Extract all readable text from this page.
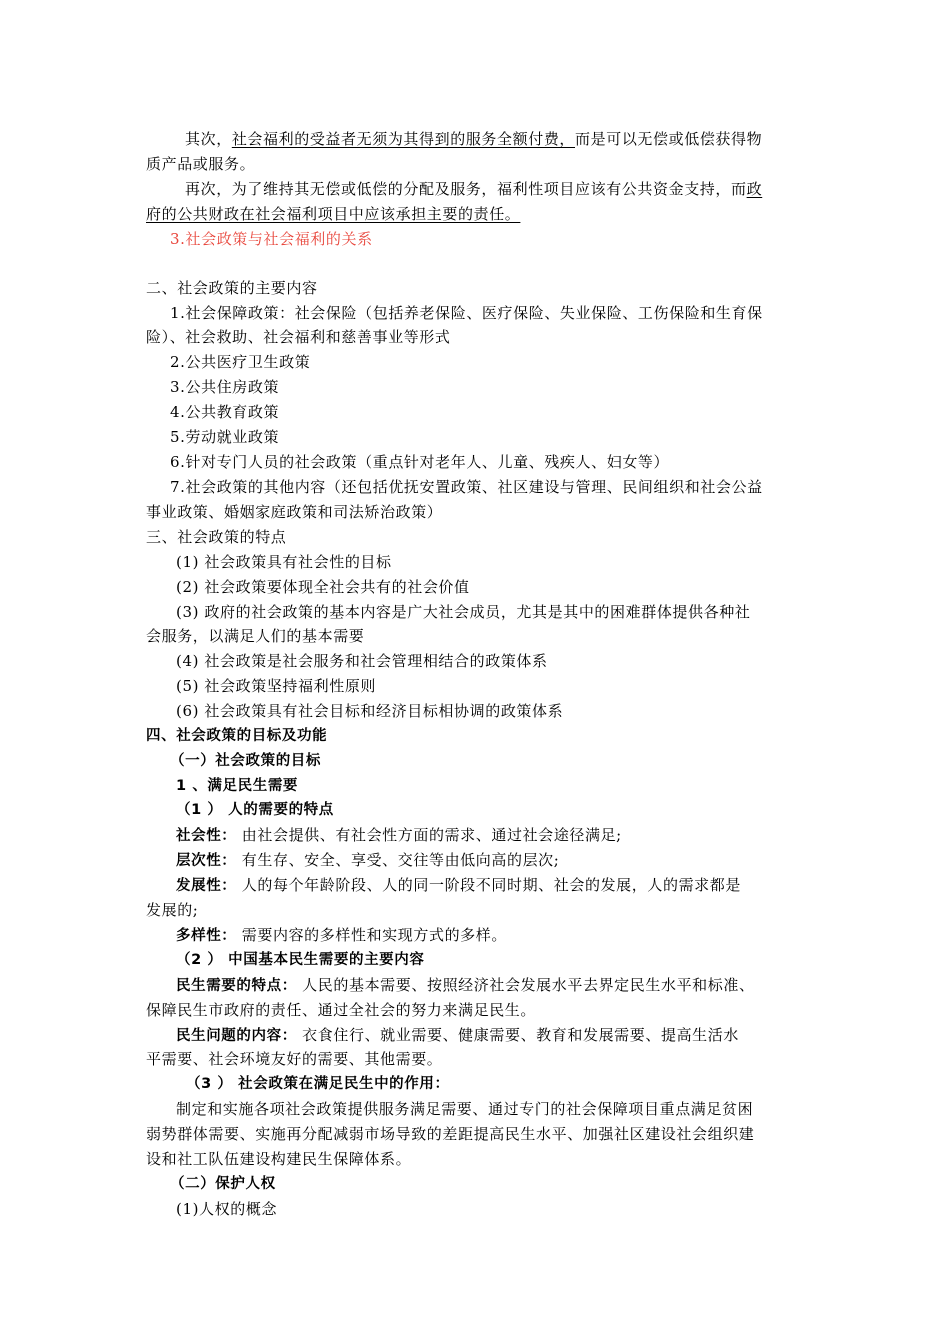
其次，社会福利的受益者无须为其得到的服务全额付费，而是可以无偿或低偿获得物
质产品或服务。
再次，为了维持其无偿或低偿的分配及服务，福利性项目应该有公共资金支持，而政
府的公共财政在社会福利项目中应该承担主要的责任。
3.社会政策与社会福利的关系
二、社会政策的主要内容
1.社会保障政策：社会保险（包括养老保险、医疗保险、失业保险、工伤保险和生育保
险）、社会救助、社会福利和慈善事业等形式
2.公共医疗卫生政策
3.公共住房政策
4.公共教育政策
5.劳动就业政策
6.针对专门人员的社会政策（重点针对老年人、儿童、残疾人、妇女等）
7.社会政策的其他内容（还包括优抚安置政策、社区建设与管理、民间组织和社会公益
事业政策、婚姻家庭政策和司法矫治政策）
三、社会政策的特点
(1) 社会政策具有社会性的目标
(2) 社会政策要体现全社会共有的社会价值
(3) 政府的社会政策的基本内容是广大社会成员，尤其是其中的困难群体提供各种社
会服务，以满足人们的基本需要
(4) 社会政策是社会服务和社会管理相结合的政策体系
(5) 社会政策坚持福利性原则
(6) 社会政策具有社会目标和经济目标相协调的政策体系
四、社会政策的目标及功能
（一）社会政策的目标
1 、满足民生需要
（1 ） 人的需要的特点
社会性： 由社会提供、有社会性方面的需求、通过社会途径满足;
层次性： 有生存、安全、享受、交往等由低向高的层次;
发展性： 人的每个年龄阶段、人的同一阶段不同时期、社会的发展，人的需求都是
发展的;
多样性： 需要内容的多样性和实现方式的多样。
（2 ） 中国基本民生需要的主要内容
民生需要的特点： 人民的基本需要、按照经济社会发展水平去界定民生水平和标准、
保障民生市政府的责任、通过全社会的努力来满足民生。
民生问题的内容： 衣食住行、就业需要、健康需要、教育和发展需要、提高生活水
平需要、社会环境友好的需要、其他需要。
（3 ） 社会政策在满足民生中的作用：
制定和实施各项社会政策提供服务满足需要、通过专门的社会保障项目重点满足贫困
弱势群体需要、实施再分配减弱市场导致的差距提高民生水平、加强社区建设社会组织建
设和社工队伍建设构建民生保障体系。
（二）保护人权
(1)人权的概念
